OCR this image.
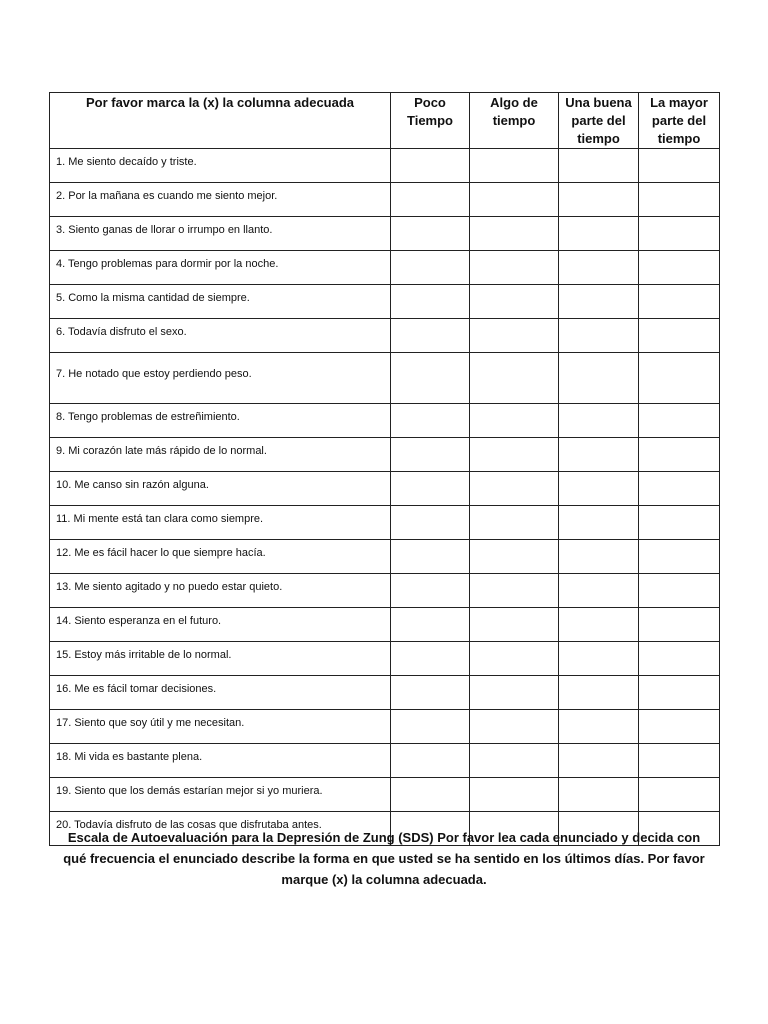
Por favor marca la (x) la columna adecuada	Poco Tiempo	Algo de tiempo	Una buena parte del tiempo	La mayor parte del tiempo
1. Me siento decaído y triste.				
2. Por la mañana es cuando me siento mejor.				
3. Siento ganas de llorar o irrumpo en llanto.				
4. Tengo problemas para dormir por la noche.				
5. Como la misma cantidad de siempre.				
6. Todavía disfruto el sexo.				
7. He notado que estoy perdiendo peso.				
8. Tengo problemas de estreñimiento.				
9. Mi corazón late más rápido de lo normal.				
10. Me canso sin razón alguna.				
11. Mi mente está tan clara como siempre.				
12. Me es fácil hacer lo que siempre hacía.				
13. Me siento agitado y no puedo estar quieto.				
14. Siento esperanza en el futuro.				
15. Estoy más irritable de lo normal.				
16. Me es fácil tomar decisiones.				
17. Siento que soy útil y me necesitan.				
18. Mi vida es bastante plena.				
19. Siento que los demás estarían mejor si yo muriera.				
20. Todavía disfruto de las cosas que disfrutaba antes.				
Escala de Autoevaluación para la Depresión de Zung (SDS) Por favor lea cada enunciado y decida con qué frecuencia el enunciado describe la forma en que usted se ha sentido en los últimos días. Por favor marque (x) la columna adecuada.
